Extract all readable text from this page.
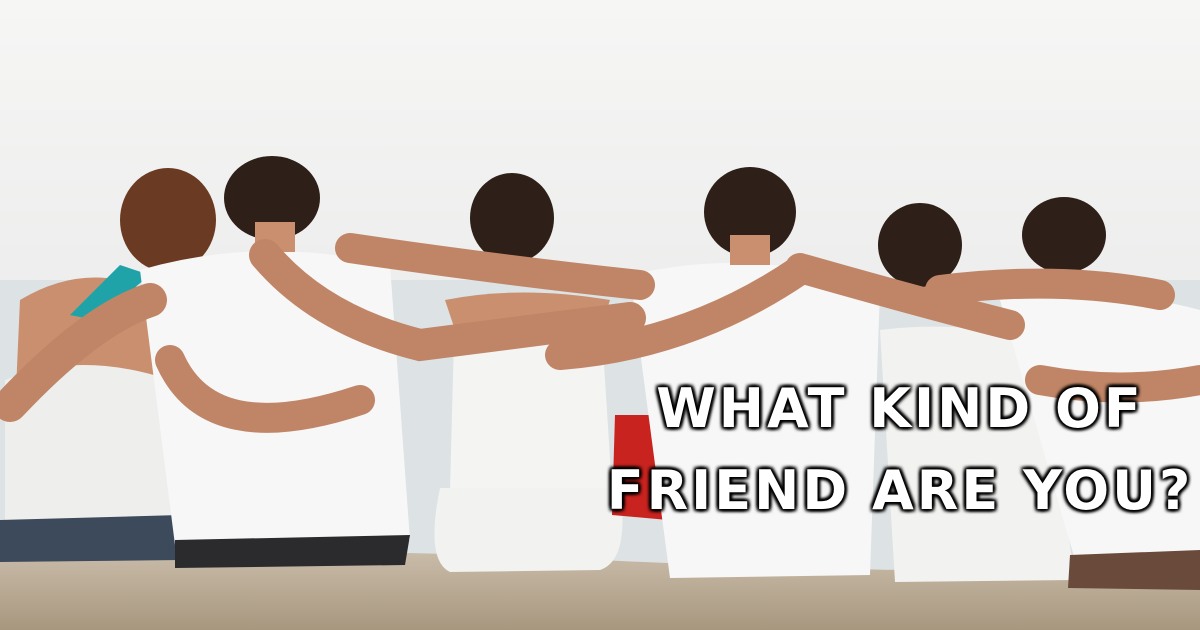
WHAT KIND OF
FRIEND ARE YOU?
